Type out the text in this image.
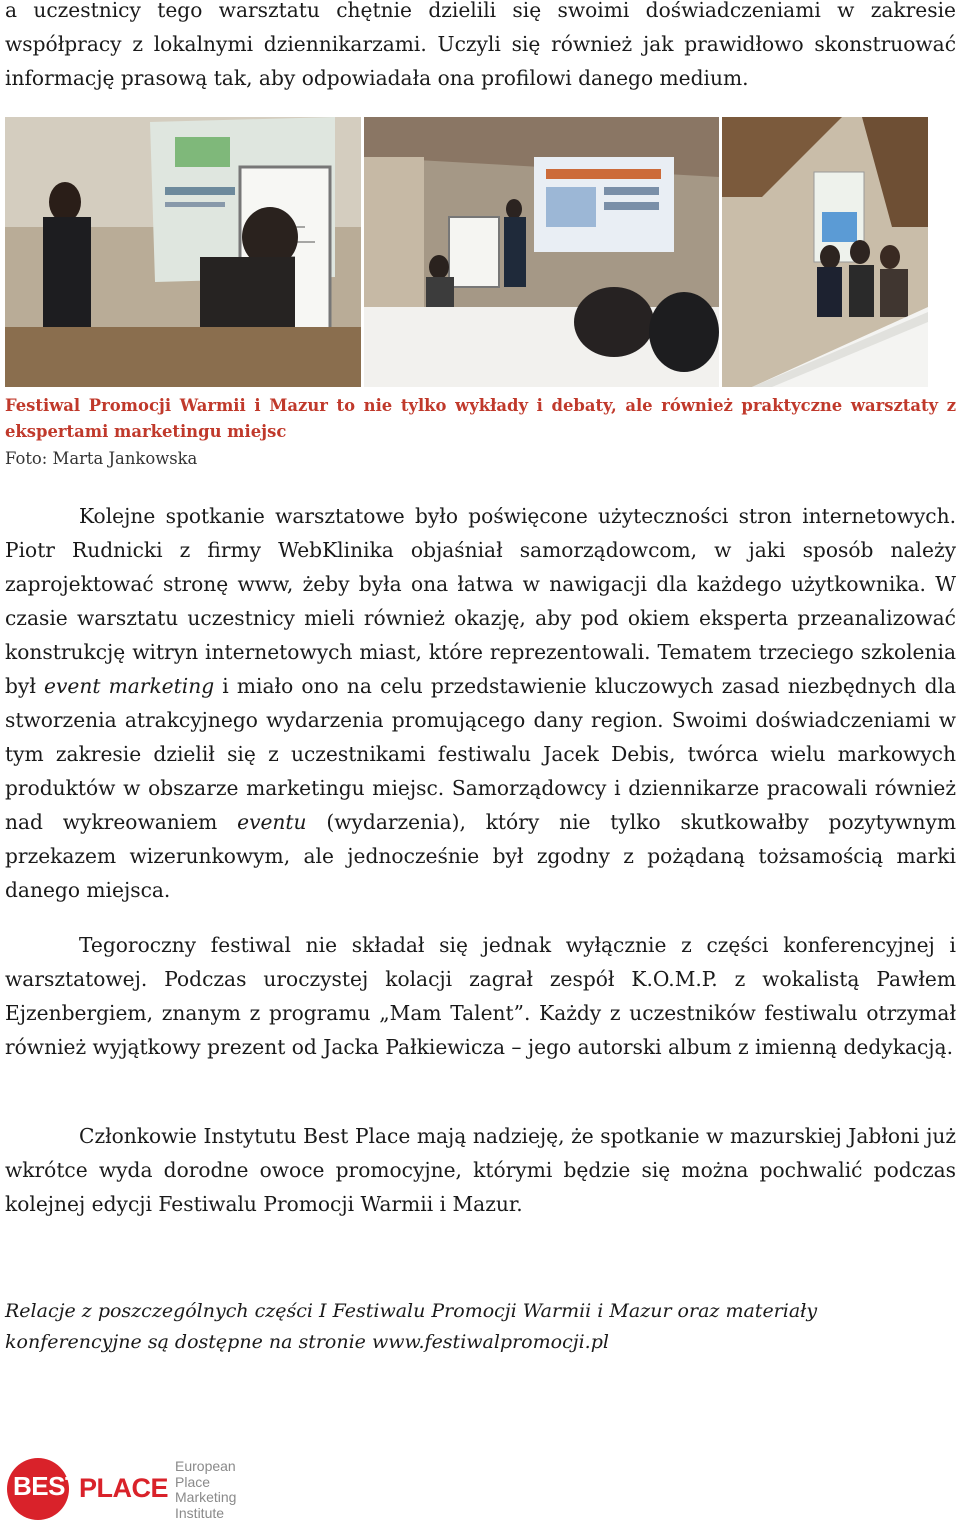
a uczestnicy tego warsztatu chętnie dzielili się swoimi doświadczeniami w zakresie współpracy z lokalnymi dziennikarzami. Uczyli się również jak prawidłowo skonstruować informację prasową tak, aby odpowiadała ona profilowi danego medium.

Festiwal Promocji Warmii i Mazur to nie tylko wykłady i debaty, ale również praktyczne warsztaty z ekspertami marketingu miejsc

Foto: Marta Jankowska

Kolejne spotkanie warsztatowe było poświęcone użyteczności stron internetowych. Piotr Rudnicki z firmy WebKlinika objaśniał samorządowcom, w jaki sposób należy zaprojektować stronę www, żeby była ona łatwa w nawigacji dla każdego użytkownika. W czasie warsztatu uczestnicy mieli również okazję, aby pod okiem eksperta przeanalizować konstrukcję witryn internetowych miast, które reprezentowali. Tematem trzeciego szkolenia był event marketing i miało ono na celu przedstawienie kluczowych zasad niezbędnych dla stworzenia atrakcyjnego wydarzenia promującego dany region. Swoimi doświadczeniami w tym zakresie dzielił się z uczestnikami festiwalu Jacek Debis, twórca wielu markowych produktów w obszarze marketingu miejsc. Samorządowcy i dziennikarze pracowali również nad wykreowaniem eventu (wydarzenia), który nie tylko skutkowałby pozytywnym przekazem wizerunkowym, ale jednocześnie był zgodny z pożądaną tożsamością marki danego miejsca.

Tegoroczny festiwal nie składał się jednak wyłącznie z części konferencyjnej i warsztatowej. Podczas uroczystej kolacji zagrał zespół K.O.M.P. z wokalistą Pawłem Ejzenbergiem, znanym z programu „Mam Talent”. Każdy z uczestników festiwalu otrzymał również wyjątkowy prezent od Jacka Pałkiewicza – jego autorski album z imienną dedykacją.

Członkowie Instytutu Best Place mają nadzieję, że spotkanie w mazurskiej Jabłoni już wkrótce wyda dorodne owoce promocyjne, którymi będzie się można pochwalić podczas kolejnej edycji Festiwalu Promocji Warmii i Mazur.

Relacje z poszczególnych części I Festiwalu Promocji Warmii i Mazur oraz materiały konferencyjne są dostępne na stronie www.festiwalpromocji.pl

BEST
PLACE
European
Place
Marketing
Institute
